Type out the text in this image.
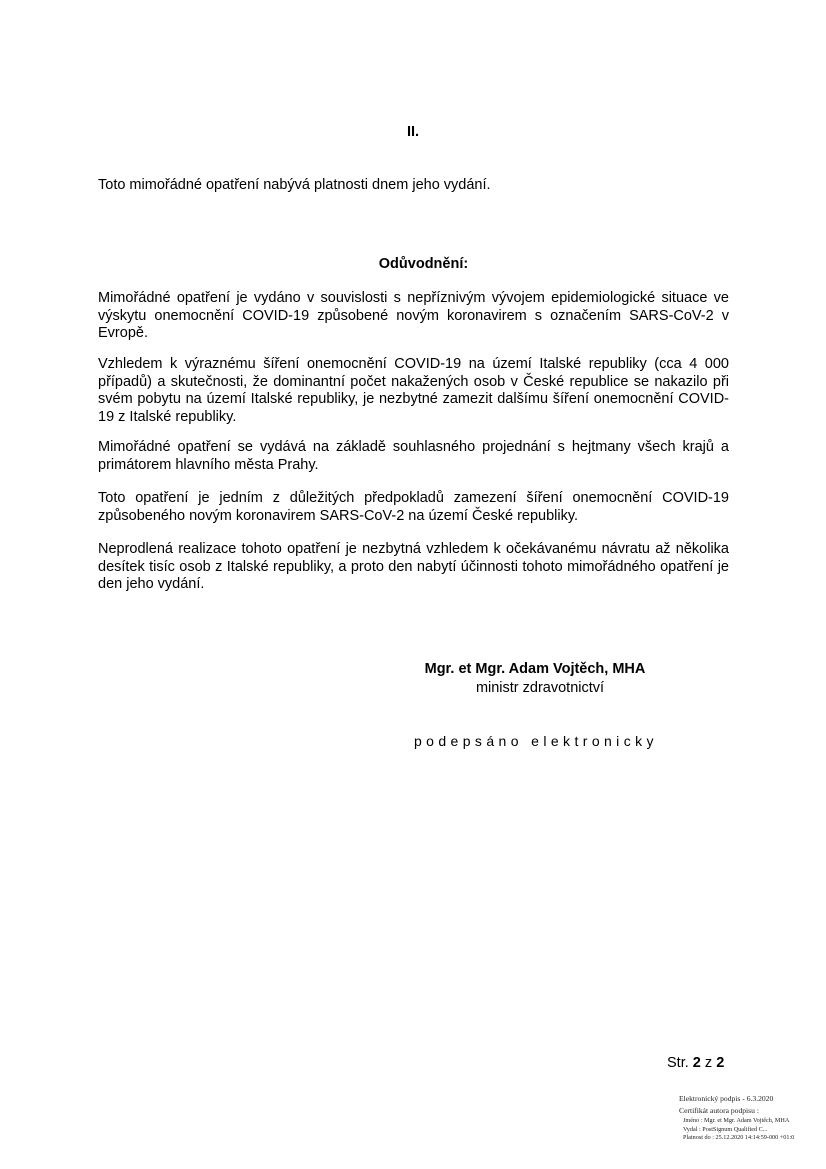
II.

Toto mimořádné opatření nabývá platnosti dnem jeho vydání.

Odůvodnění:

Mimořádné opatření je vydáno v souvislosti s nepříznivým vývojem epidemiologické situace ve výskytu onemocnění COVID-19 způsobené novým koronavirem s označením SARS-CoV-2 v Evropě.

Vzhledem k výraznému šíření onemocnění COVID-19 na území Italské republiky (cca 4 000 případů) a skutečnosti, že dominantní počet nakažených osob v České republice se nakazilo při svém pobytu na území Italské republiky, je nezbytné zamezit dalšímu šíření onemocnění COVID-19 z Italské republiky.

Mimořádné opatření se vydává na základě souhlasného projednání s hejtmany všech krajů a primátorem hlavního města Prahy.

Toto opatření je jedním z důležitých předpokladů zamezení šíření onemocnění COVID-19 způsobeného novým koronavirem SARS-CoV-2 na území České republiky.

Neprodlená realizace tohoto opatření je nezbytná vzhledem k očekávanému návratu až několika desítek tisíc osob z Italské republiky, a proto den nabytí účinnosti tohoto mimořádného opatření je den jeho vydání.

Mgr. et Mgr. Adam Vojtěch, MHA
ministr zdravotnictví
podepsáno elektronicky
Str. 2 z 2
Elektronický podpis - 6.3.2020
Certifikát autora podpisu :
Jméno : Mgr. et Mgr. Adam Vojtěch, MHA
Vydal : PostSignum Qualified C...
Platnost do : 25.12.2020 14:14:59-000 +01:0
